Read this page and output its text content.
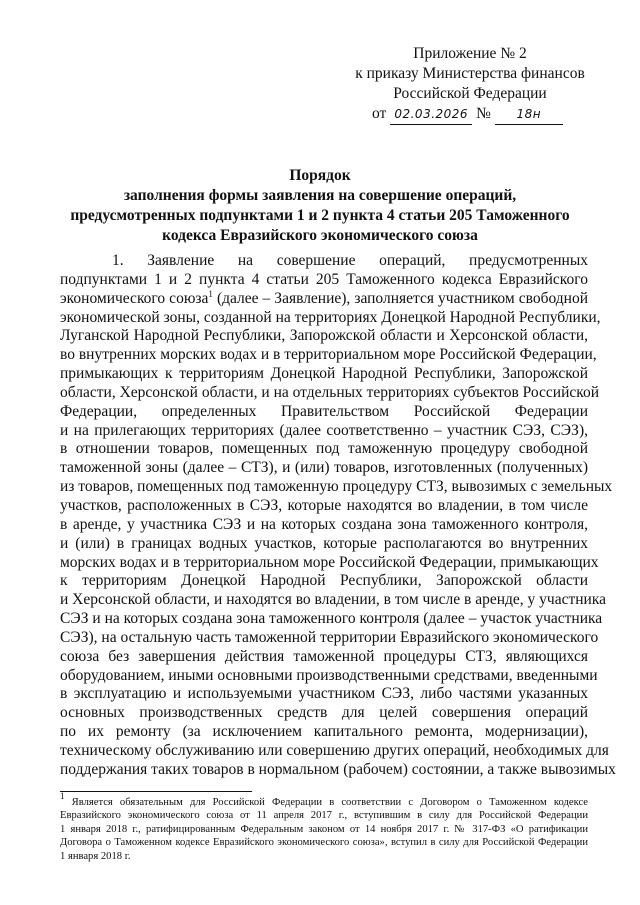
Приложение № 2
к приказу Министерства финансов
Российской Федерации
от 02.03.2026 № 18н
Порядок
заполнения формы заявления на совершение операций,
предусмотренных подпунктами 1 и 2 пункта 4 статьи 205 Таможенного
кодекса Евразийского экономического союза
1. Заявление на совершение операций, предусмотренных
подпунктами 1 и 2 пункта 4 статьи 205 Таможенного кодекса Евразийского
экономического союза$^1$ (далее – Заявление), заполняется участником свободной
экономической зоны, созданной на территориях Донецкой Народной Республики,
Луганской Народной Республики, Запорожской области и Херсонской области,
во внутренних морских водах и в территориальном море Российской Федерации,
примыкающих к территориям Донецкой Народной Республики, Запорожской
области, Херсонской области, и на отдельных территориях субъектов Российской
Федерации, определенных Правительством Российской Федерации
и на прилегающих территориях (далее соответственно – участник СЭЗ, СЭЗ),
в отношении товаров, помещенных под таможенную процедуру свободной
таможенной зоны (далее – СТЗ), и (или) товаров, изготовленных (полученных)
из товаров, помещенных под таможенную процедуру СТЗ, вывозимых с земельных
участков, расположенных в СЭЗ, которые находятся во владении, в том числе
в аренде, у участника СЭЗ и на которых создана зона таможенного контроля,
и (или) в границах водных участков, которые располагаются во внутренних
морских водах и в территориальном море Российской Федерации, примыкающих
к территориям Донецкой Народной Республики, Запорожской области
и Херсонской области, и находятся во владении, в том числе в аренде, у участника
СЭЗ и на которых создана зона таможенного контроля (далее – участок участника
СЭЗ), на остальную часть таможенной территории Евразийского экономического
союза без завершения действия таможенной процедуры СТЗ, являющихся
оборудованием, иными основными производственными средствами, введенными
в эксплуатацию и используемыми участником СЭЗ, либо частями указанных
основных производственных средств для целей совершения операций
по их ремонту (за исключением капитального ремонта, модернизации),
техническому обслуживанию или совершению других операций, необходимых для
поддержания таких товаров в нормальном (рабочем) состоянии, а также вывозимых
$^1$ Является обязательным для Российской Федерации в соответствии с Договором о Таможенном кодексе
Евразийского экономического союза от 11 апреля 2017 г., вступившим в силу для Российской Федерации
1 января 2018 г., ратифицированным Федеральным законом от 14 ноября 2017 г. № 317-ФЗ «О ратификации
Договора о Таможенном кодексе Евразийского экономического союза», вступил в силу для Российской Федерации
1 января 2018 г.
